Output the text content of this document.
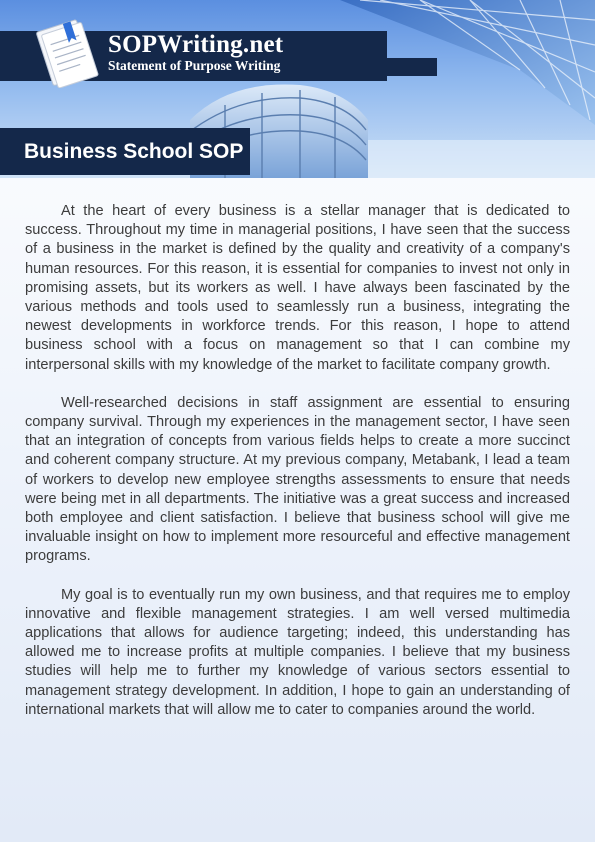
SOPWriting.net
Statement of Purpose Writing
Business School SOP

At the heart of every business is a stellar manager that is dedicated to success. Throughout my time in managerial positions, I have seen that the success of a business in the market is defined by the quality and creativity of a company's human resources. For this reason, it is essential for companies to invest not only in promising assets, but its workers as well. I have always been fascinated by the various methods and tools used to seamlessly run a business, integrating the newest developments in workforce trends. For this reason, I hope to attend business school with a focus on management so that I can combine my interpersonal skills with my knowledge of the market to facilitate company growth.

Well-researched decisions in staff assignment are essential to ensuring company survival. Through my experiences in the management sector, I have seen that an integration of concepts from various fields helps to create a more succinct and coherent company structure. At my previous company, Metabank, I lead a team of workers to develop new employee strengths assessments to ensure that needs were being met in all departments. The initiative was a great success and increased both employee and client satisfaction. I believe that business school will give me invaluable insight on how to implement more resourceful and effective management programs.

My goal is to eventually run my own business, and that requires me to employ innovative and flexible management strategies. I am well versed multimedia applications that allows for audience targeting; indeed, this understanding has allowed me to increase profits at multiple companies. I believe that my business studies will help me to further my knowledge of various sectors essential to management strategy development. In addition, I hope to gain an understanding of international markets that will allow me to cater to companies around the world.
